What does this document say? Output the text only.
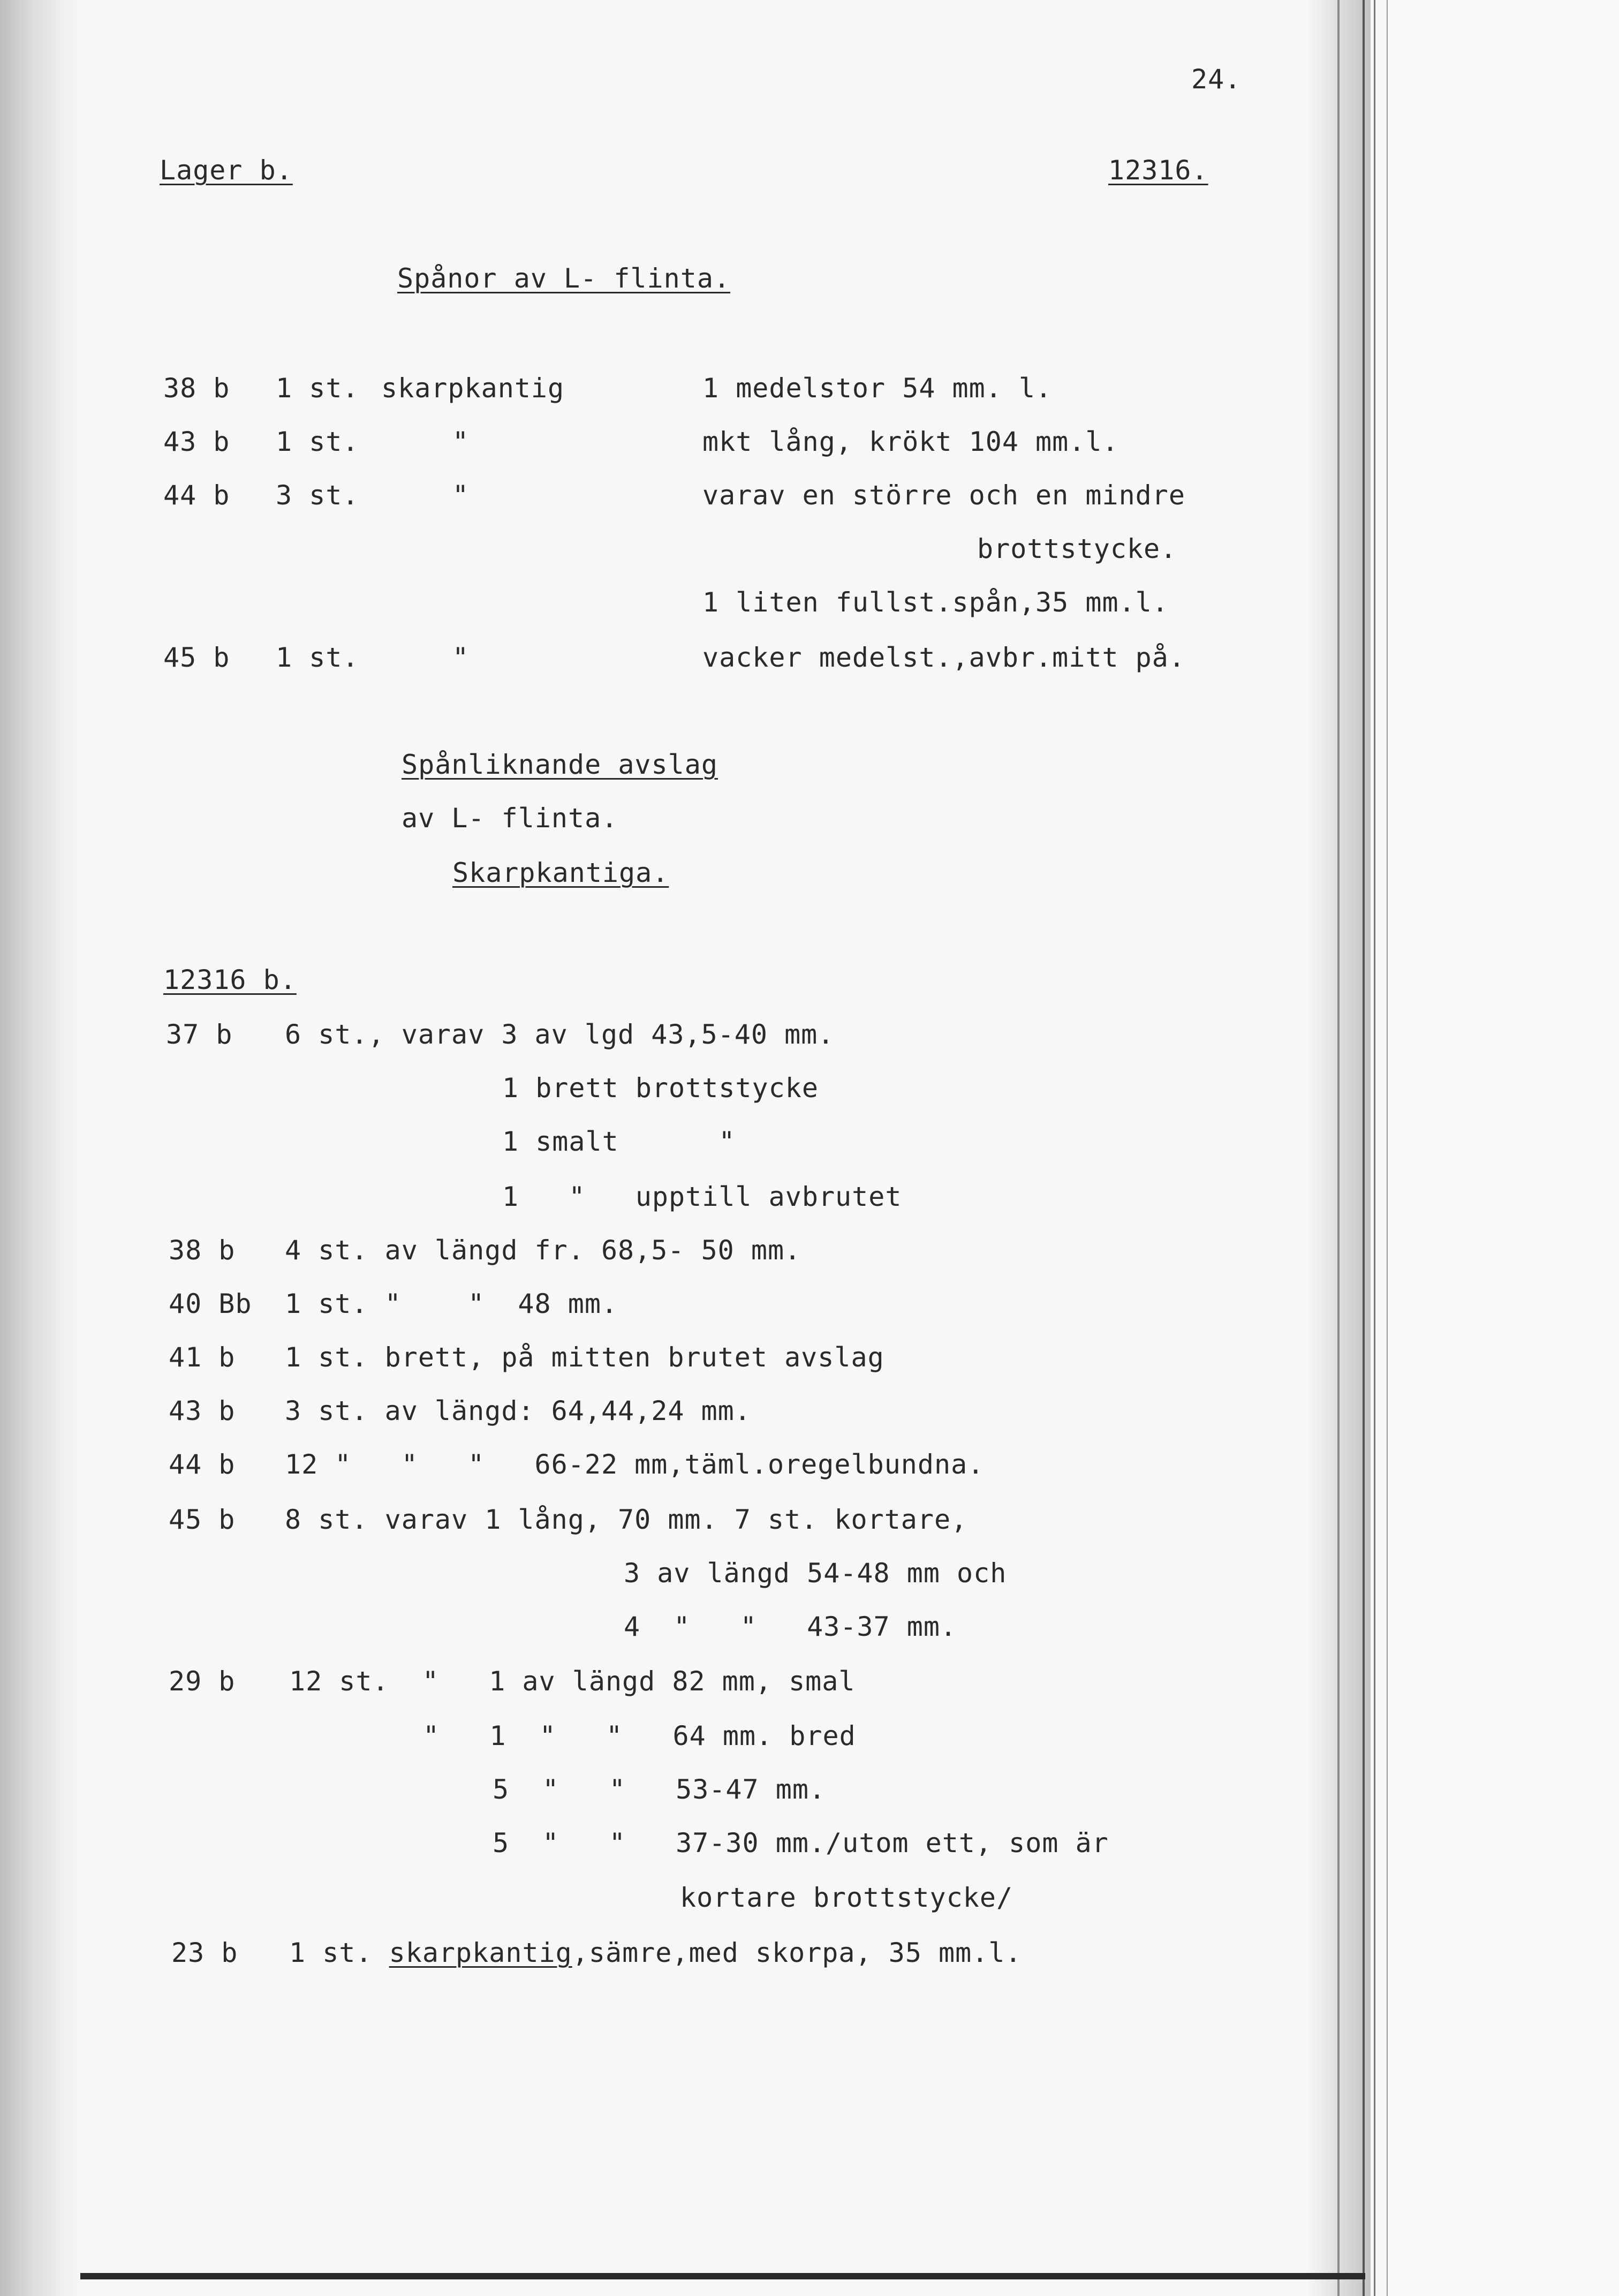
24.
Lager b.	12316.
Spånor av L- flinta.
38 b 1 st. skarpkantig	1 medelstor 54 mm. l.
43 b 1 st.	"	mkt lång, krökt 104 mm.l.
44 b 3 st.	"	varav en större och en mindre
brottstycke.
1 liten fullst.spån,35 mm.l.
45 b 1 st.	"	vacker medelst.,avbr.mitt på.
Spånliknande avslag
av L- flinta.
Skarpkantiga.
12316 b.
37 b 6 st., varav 3 av lgd 43,5-40 mm.
1 brett brottstycke
1 smalt      "
1   "   upptill avbrutet
38 b 4 st. av längd fr. 68,5- 50 mm.
40 Bb 1 st. "    "  48 mm.
41 b 1 st. brett, på mitten brutet avslag
43 b 3 st. av längd: 64,44,24 mm.
44 b 12 "   "   "   66-22 mm,täml.oregelbundna.
45 b 8 st. varav 1 lång, 70 mm. 7 st. kortare,
3 av längd 54-48 mm och
4  "   "   43-37 mm.
29 b 12 st.  "   1 av längd 82 mm, smal
"   1  "   "   64 mm. bred
5  "   "   53-47 mm.
5  "   "   37-30 mm./utom ett, som är
kortare brottstycke/
23 b 1 st. skarpkantig,sämre,med skorpa, 35 mm.l.
